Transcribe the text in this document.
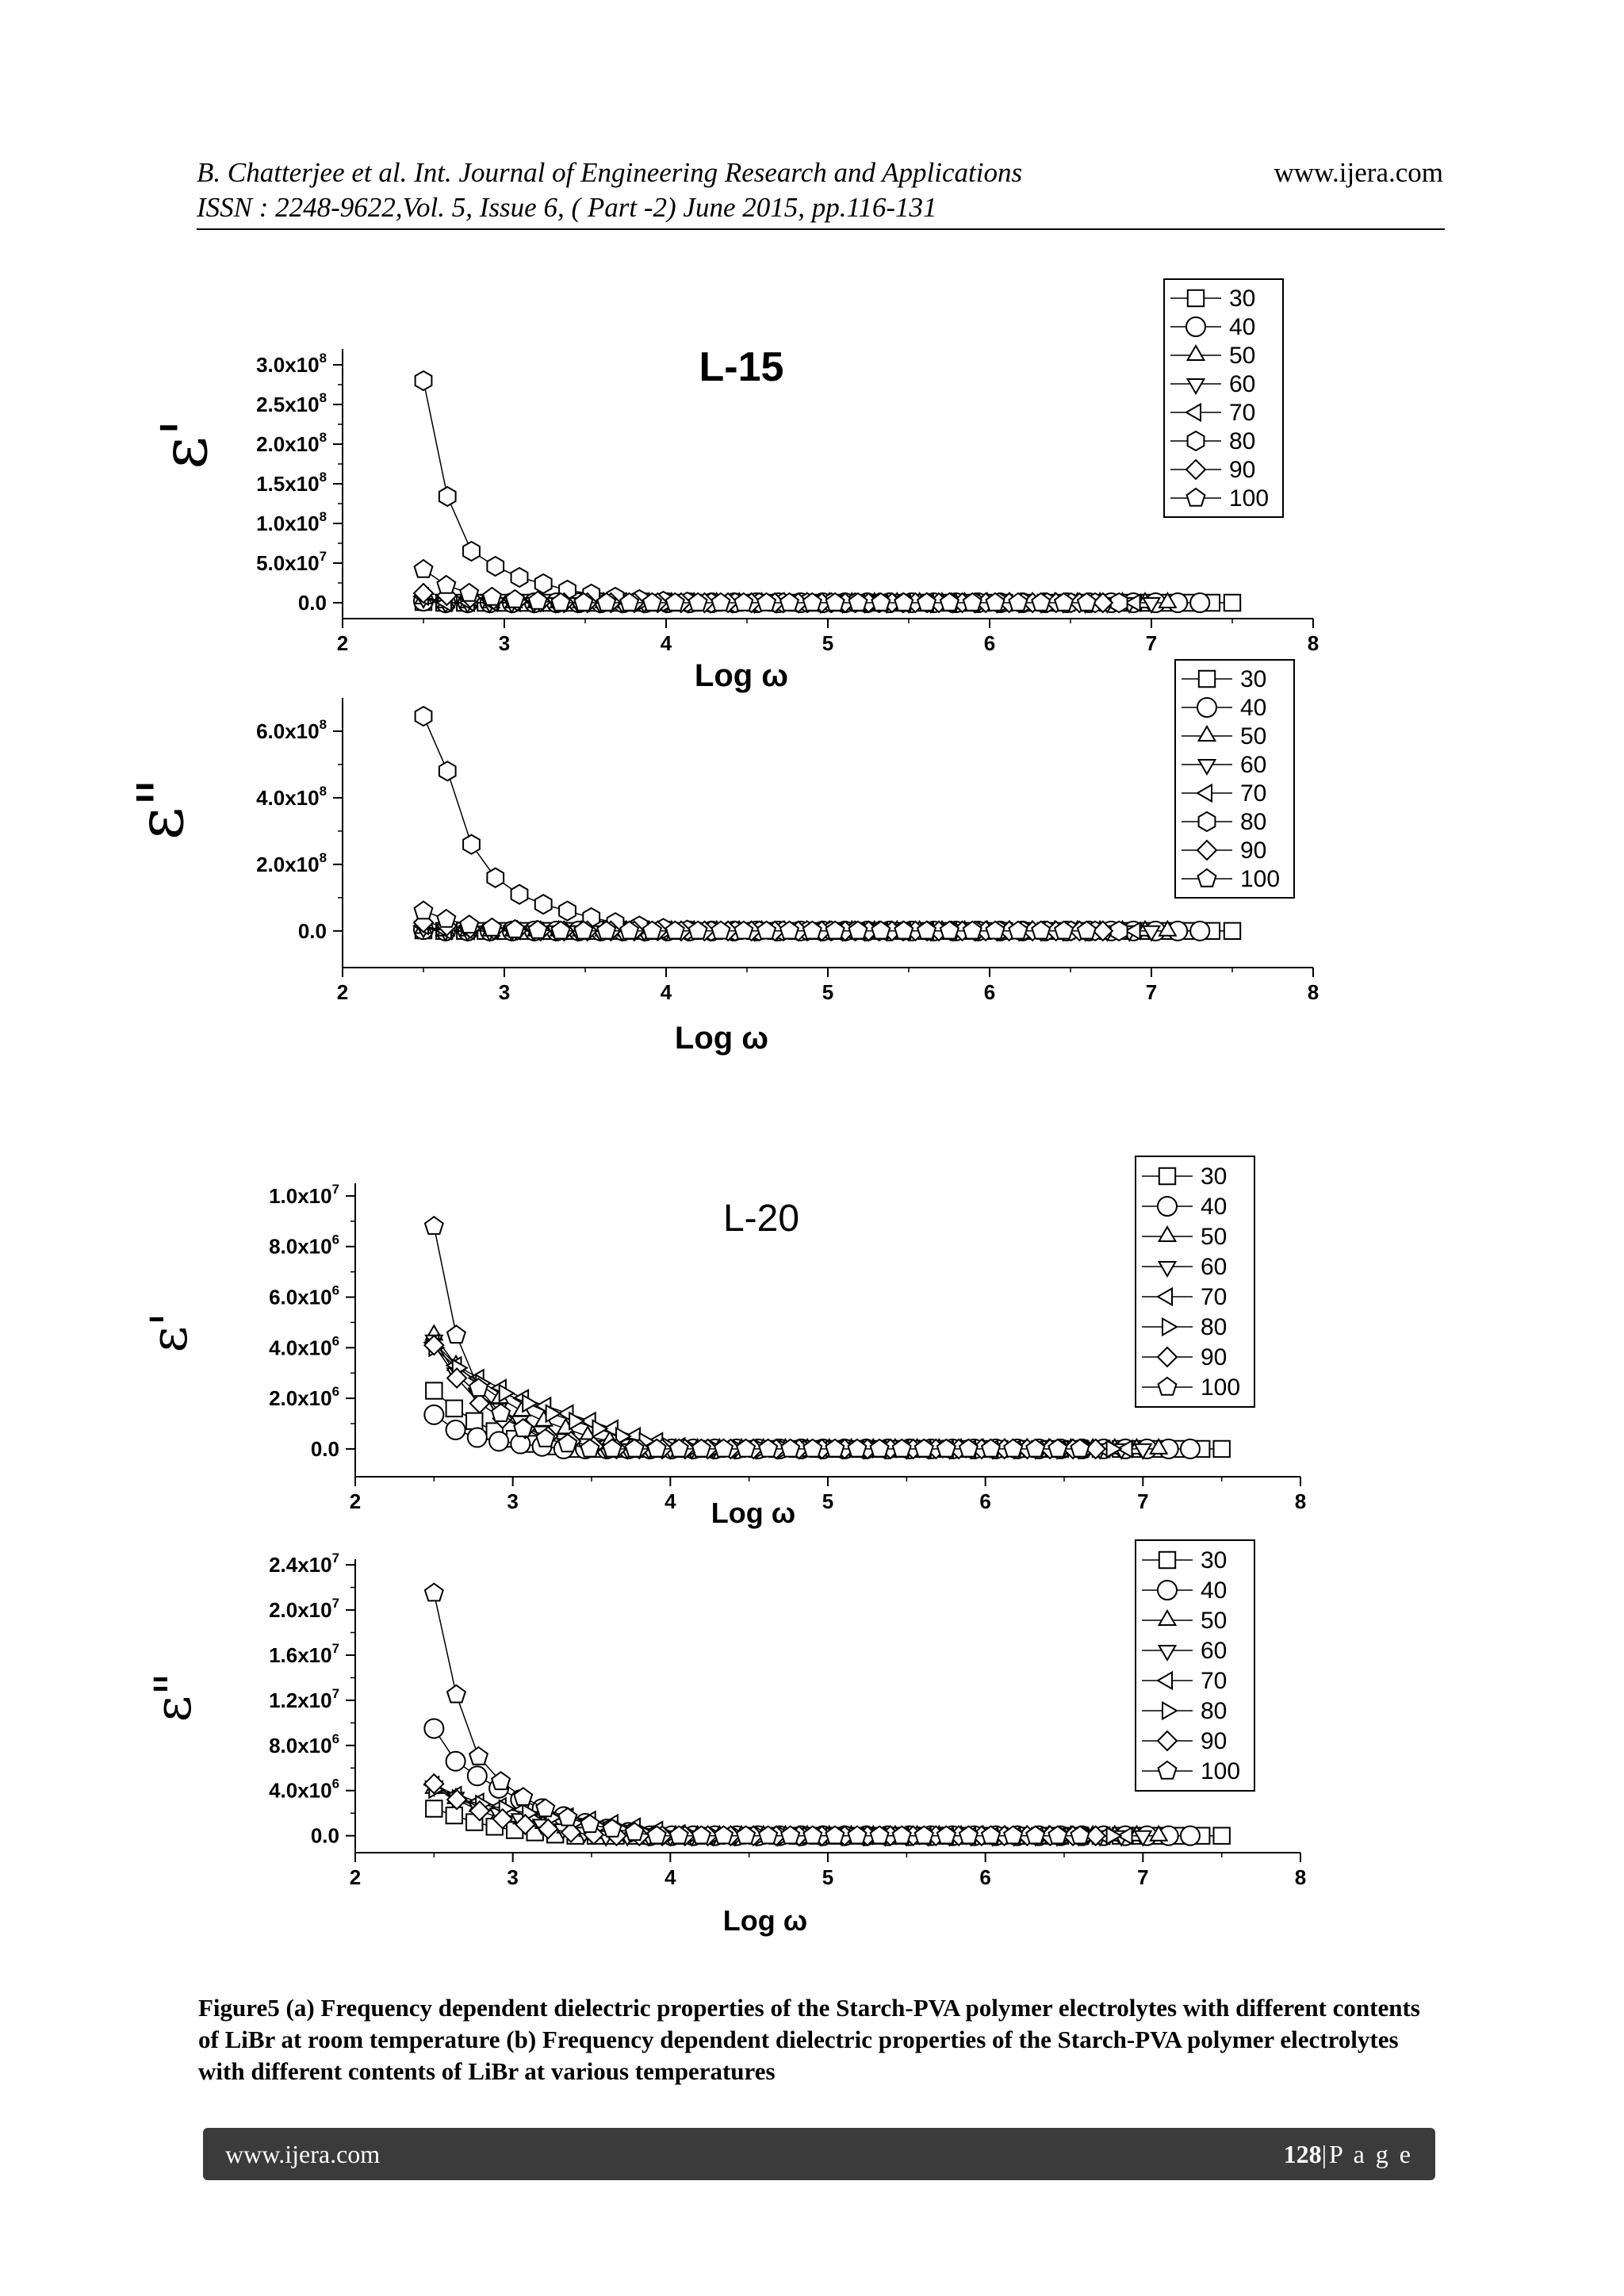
B. Chatterjee et al. Int. Journal of Engineering Research and Applications	www.ijera.com
ISSN : 2248-9622,Vol. 5, Issue 6, ( Part -2) June 2015, pp.116-131
2	3	4	5	6	7	8
0.0
$5.0x10^7$
$1.0x10^8$
$1.5x10^8$
$2.0x10^8$
$2.5x10^8$
$3.0x10^8$
Log ω
ε'
L-15
30
40
50
60
70
80
90
100
2	3	4	5	6	7	8
0.0
$2.0x10^8$
$4.0x10^8$
$6.0x10^8$
Log ω
ε"
30
40
50
60
70
80
90
100
2	3	4	5	6	7	8
0.0
$2.0x10^6$
$4.0x10^6$
$6.0x10^6$
$8.0x10^6$
$1.0x10^7$
Log ω
ε'
L-20
30
40
50
60
70
80
90
100
2	3	4	5	6	7	8
0.0
$4.0x10^6$
$8.0x10^6$
$1.2x10^7$
$1.6x10^7$
$2.0x10^7$
$2.4x10^7$
Log ω
ε"
30
40
50
60
70
80
90
100
Figure5 (a) Frequency dependent dielectric properties of the Starch-PVA polymer electrolytes with different contents of LiBr at room temperature (b) Frequency dependent dielectric properties of the Starch-PVA polymer electrolytes with different contents of LiBr at various temperatures
www.ijera.com	128|P a g e
